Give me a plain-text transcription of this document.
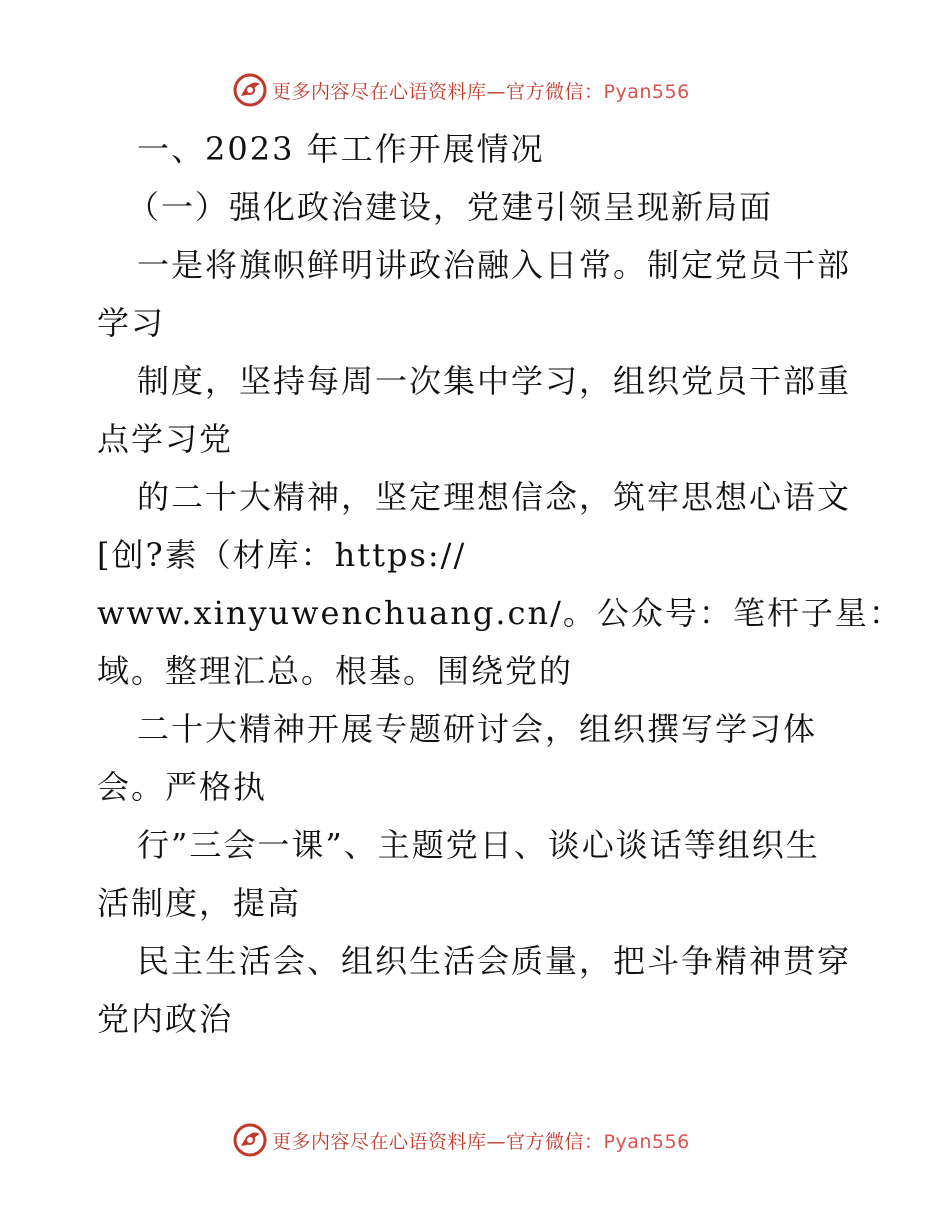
更多内容尽在心语资料库—官方微信：Pyan556
一、2023 年工作开展情况
（一）强化政治建设，党建引领呈现新局面
一是将旗帜鲜明讲政治融入日常。制定党员干部
学习
制度，坚持每周一次集中学习，组织党员干部重
点学习党
的二十大精神，坚定理想信念，筑牢思想心语文
[创?素（材库：https://
www.xinyuwenchuang.cn/。公众号：笔杆子星：
域。整理汇总。根基。围绕党的
二十大精神开展专题研讨会，组织撰写学习体
会。严格执
行”三会一课”、主题党日、谈心谈话等组织生
活制度，提高
民主生活会、组织生活会质量，把斗争精神贯穿
党内政治
更多内容尽在心语资料库—官方微信：Pyan556
